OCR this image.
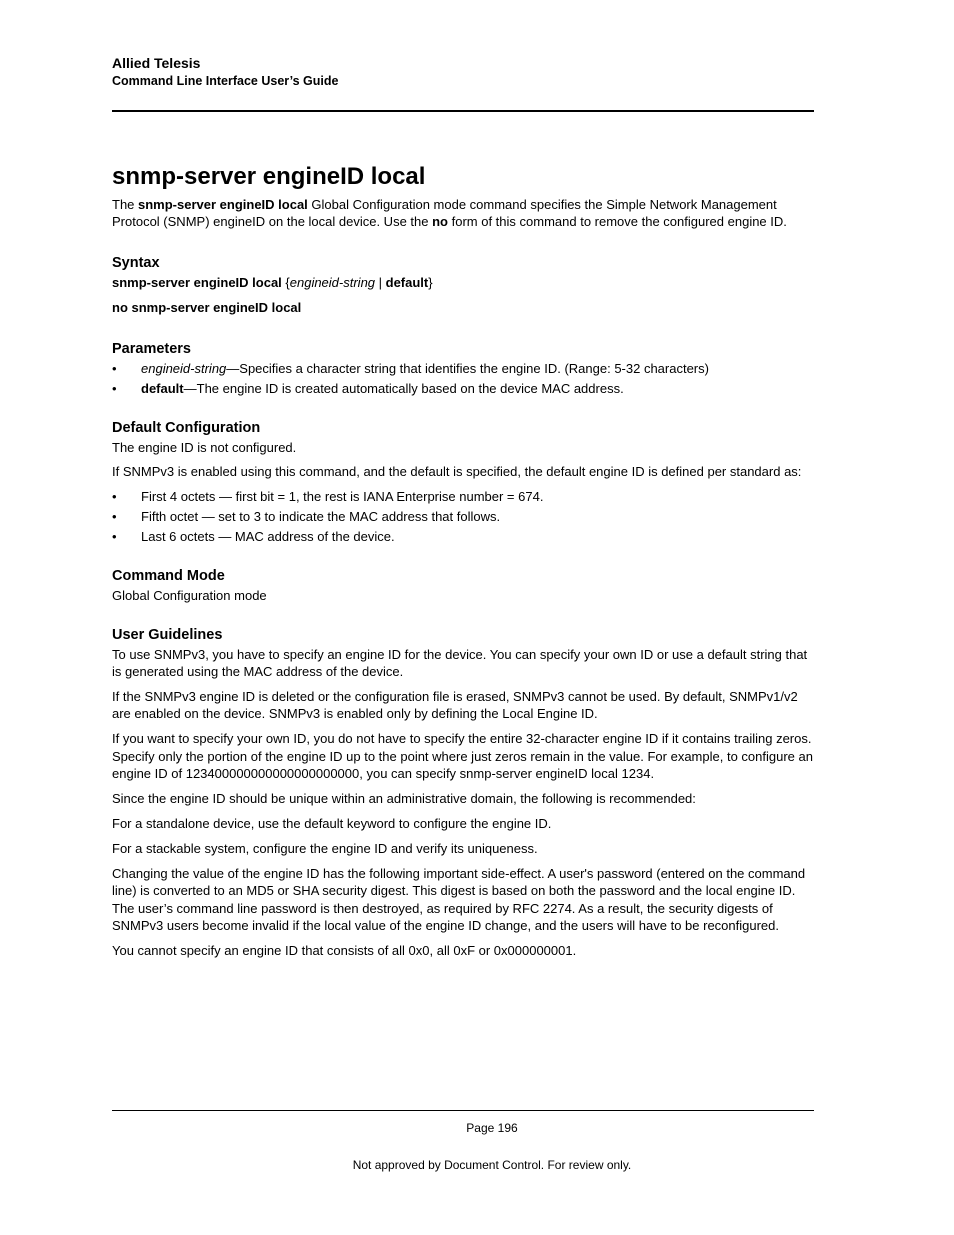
Allied Telesis
Command Line Interface User’s Guide
snmp-server engineID local

The snmp-server engineID local Global Configuration mode command specifies the Simple Network Management Protocol (SNMP) engineID on the local device. Use the no form of this command to remove the configured engine ID.

Syntax

snmp-server engineID local {engineid-string | default}

no snmp-server engineID local

Parameters
• engineid-string—Specifies a character string that identifies the engine ID. (Range: 5-32 characters)
• default—The engine ID is created automatically based on the device MAC address.
Default Configuration

The engine ID is not configured.

If SNMPv3 is enabled using this command, and the default is specified, the default engine ID is defined per standard as:

• First 4 octets — first bit = 1, the rest is IANA Enterprise number = 674.
• Fifth octet — set to 3 to indicate the MAC address that follows.
• Last 6 octets — MAC address of the device.
Command Mode

Global Configuration mode

User Guidelines

To use SNMPv3, you have to specify an engine ID for the device. You can specify your own ID or use a default string that is generated using the MAC address of the device.

If the SNMPv3 engine ID is deleted or the configuration file is erased, SNMPv3 cannot be used. By default, SNMPv1/v2 are enabled on the device. SNMPv3 is enabled only by defining the Local Engine ID.

If you want to specify your own ID, you do not have to specify the entire 32-character engine ID if it contains trailing zeros. Specify only the portion of the engine ID up to the point where just zeros remain in the value. For example, to configure an engine ID of 123400000000000000000000, you can specify snmp-server engineID local 1234.

Since the engine ID should be unique within an administrative domain, the following is recommended:

For a standalone device, use the default keyword to configure the engine ID.

For a stackable system, configure the engine ID and verify its uniqueness.

Changing the value of the engine ID has the following important side-effect. A user's password (entered on the command line) is converted to an MD5 or SHA security digest. This digest is based on both the password and the local engine ID. The user’s command line password is then destroyed, as required by RFC 2274. As a result, the security digests of SNMPv3 users become invalid if the local value of the engine ID change, and the users will have to be reconfigured.

You cannot specify an engine ID that consists of all 0x0, all 0xF or 0x000000001.

Page 196
Not approved by Document Control. For review only.
